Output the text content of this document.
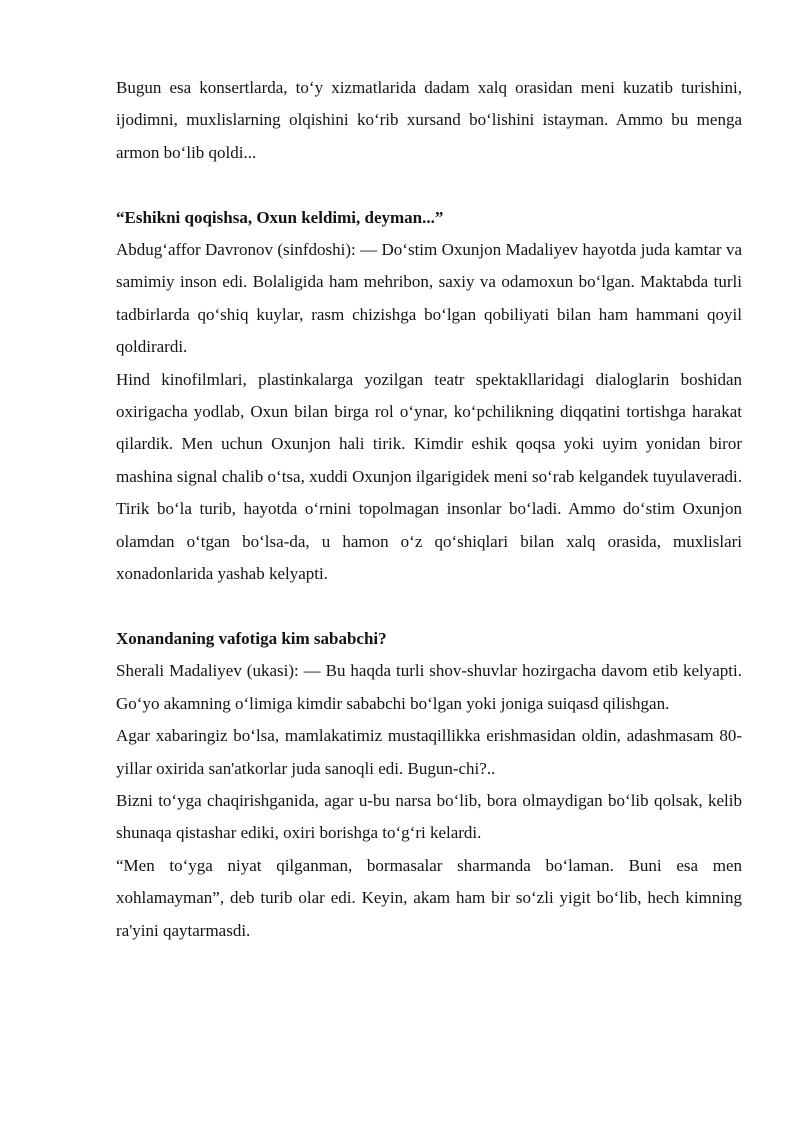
Bugun esa konsertlarda, to‘y xizmatlarida dadam xalq orasidan meni kuzatib turishini, ijodimni, muxlislarning olqishini ko‘rib xursand bo‘lishini istayman. Ammo bu menga armon bo‘lib qoldi...

“Eshikni qoqishsa, Oxun keldimi, deyman...”

Abdug‘affor Davronov (sinfdoshi): — Do‘stim Oxunjon Madaliyev hayotda juda kamtar va samimiy inson edi. Bolaligida ham mehribon, saxiy va odamoxun bo‘lgan. Maktabda turli tadbirlarda qo‘shiq kuylar, rasm chizishga bo‘lgan qobiliyati bilan ham hammani qoyil qoldirardi.

Hind kinofilmlari, plastinkalarga yozilgan teatr spektakllaridagi dialoglarin boshidan oxirigacha yodlab, Oxun bilan birga rol o‘ynar, ko‘pchilikning diqqatini tortishga harakat qilardik. Men uchun Oxunjon hali tirik. Kimdir eshik qoqsa yoki uyim yonidan biror mashina signal chalib o‘tsa, xuddi Oxunjon ilgarigidek meni so‘rab kelgandek tuyulaveradi.

Tirik bo‘la turib, hayotda o‘rnini topolmagan insonlar bo‘ladi. Ammo do‘stim Oxunjon olamdan o‘tgan bo‘lsa-da, u hamon o‘z qo‘shiqlari bilan xalq orasida, muxlislari xonadonlarida yashab kelyapti.

Xonandaning vafotiga kim sababchi?

Sherali Madaliyev (ukasi): — Bu haqda turli shov-shuvlar hozirgacha davom etib kelyapti. Go‘yo akamning o‘limiga kimdir sababchi bo‘lgan yoki joniga suiqasd qilishgan.

Agar xabaringiz bo‘lsa, mamlakatimiz mustaqillikka erishmasidan oldin, adashmasam 80-yillar oxirida san'atkorlar juda sanoqli edi. Bugun-chi?..

Bizni to‘yga chaqirishganida, agar u-bu narsa bo‘lib, bora olmaydigan bo‘lib qolsak, kelib shunaqa qistashar ediki, oxiri borishga to‘g‘ri kelardi.

“Men to‘yga niyat qilganman, bormasalar sharmanda bo‘laman. Buni esa men xohlamayman”, deb turib olar edi. Keyin, akam ham bir so‘zli yigit bo‘lib, hech kimning ra'yini qaytarmasdi.
